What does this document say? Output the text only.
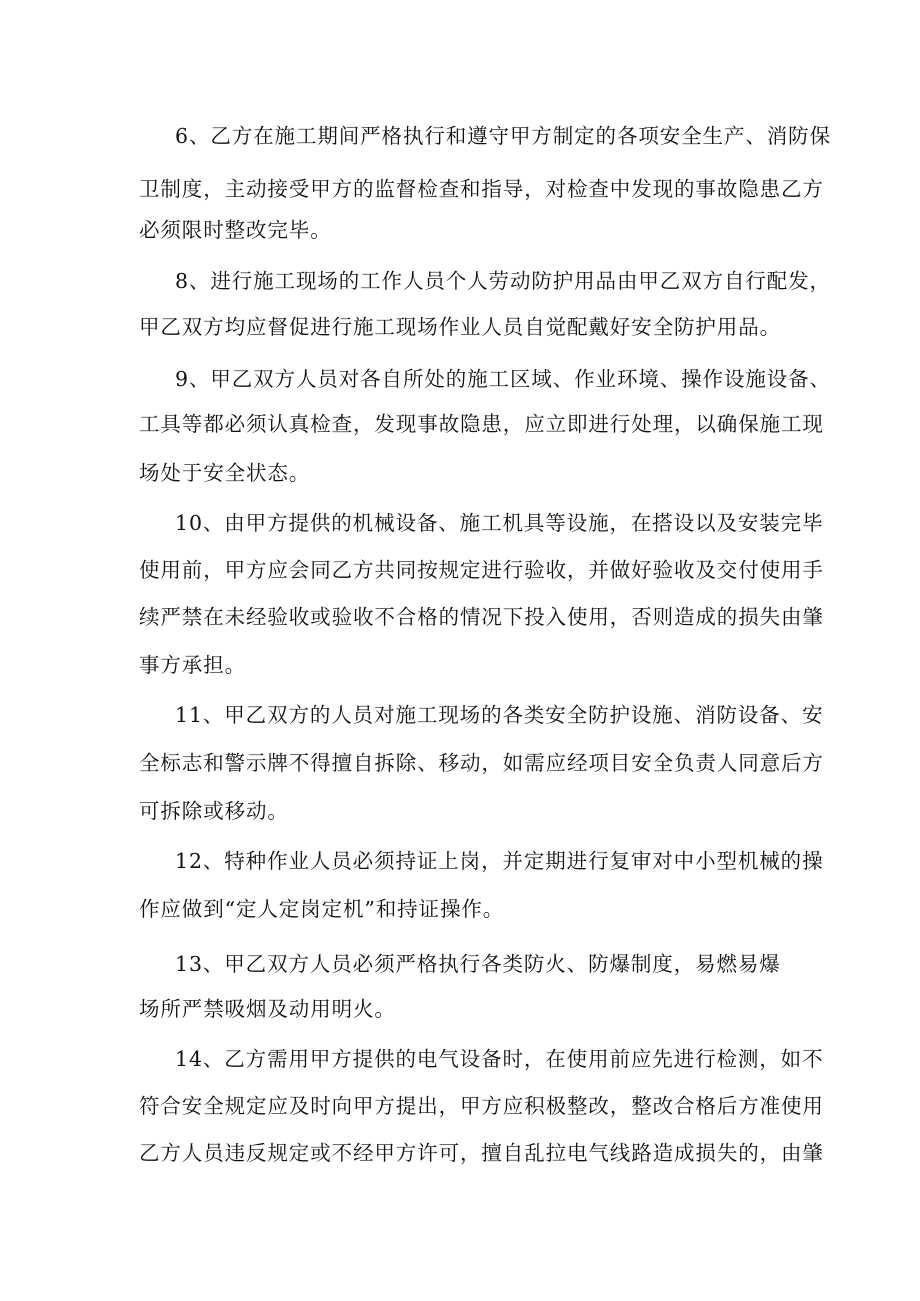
6、乙方在施工期间严格执行和遵守甲方制定的各项安全生产、消防保
卫制度，主动接受甲方的监督检查和指导，对检查中发现的事故隐患乙方
必须限时整改完毕。
8、进行施工现场的工作人员个人劳动防护用品由甲乙双方自行配发，
甲乙双方均应督促进行施工现场作业人员自觉配戴好安全防护用品。
9、甲乙双方人员对各自所处的施工区域、作业环境、操作设施设备、
工具等都必须认真检查，发现事故隐患，应立即进行处理，以确保施工现
场处于安全状态。
10、由甲方提供的机械设备、施工机具等设施，在搭设以及安装完毕
使用前，甲方应会同乙方共同按规定进行验收，并做好验收及交付使用手
续严禁在未经验收或验收不合格的情况下投入使用，否则造成的损失由肇
事方承担。
11、甲乙双方的人员对施工现场的各类安全防护设施、消防设备、安
全标志和警示牌不得擅自拆除、移动，如需应经项目安全负责人同意后方
可拆除或移动。
12、特种作业人员必须持证上岗，并定期进行复审对中小型机械的操
作应做到“定人定岗定机”和持证操作。
13、甲乙双方人员必须严格执行各类防火、防爆制度，易燃易爆
场所严禁吸烟及动用明火。
14、乙方需用甲方提供的电气设备时，在使用前应先进行检测，如不
符合安全规定应及时向甲方提出，甲方应积极整改，整改合格后方准使用
乙方人员违反规定或不经甲方许可，擅自乱拉电气线路造成损失的，由肇
